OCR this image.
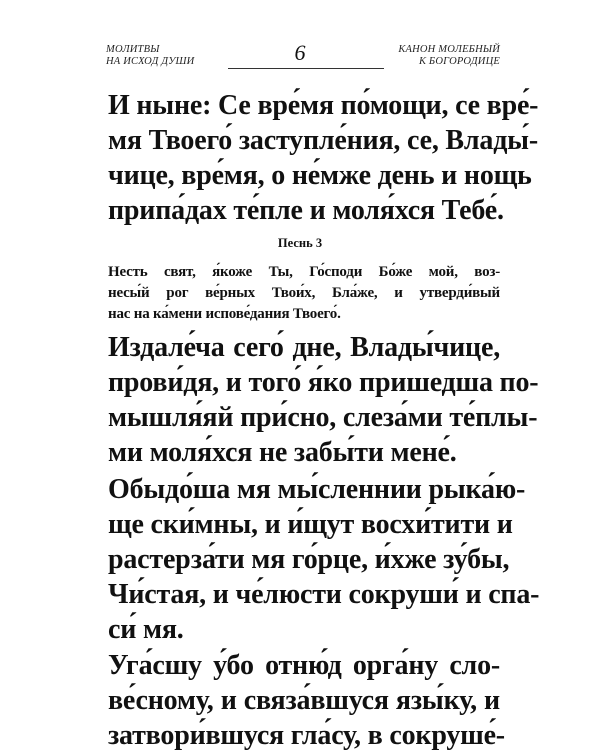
МОЛИТВЫ
НА ИСХОД ДУШИ	6	КАНОН МОЛЕБНЫЙ
К БОГОРОДИЦЕ
И ныне: Се вре́мя по́мощи, се вре́-
мя Твоего́ заступле́ния, се, Влады́-
чице, вре́мя, о не́мже день и нощь
припа́дах те́пле и моля́хся Тебе́.
Песнь 3
Несть свят, я́коже Ты, Го́споди Бо́же мой, воз-
несы́й рог ве́рных Твои́х, Бла́же, и утверди́вый
нас на ка́мени испове́дания Твоего́.
Издале́ча сего́ дне, Влады́чице,
прови́дя, и того́ я́ко пришедша по-
мышля́яй при́сно, слеза́ми те́плы-
ми моля́хся не забы́ти мене́.
Обыдо́ша мя мы́сленнии рыка́ю-
ще ски́мны, и и́щут восхи́тити и
растерза́ти мя го́рце, и́хже зу́бы,
Чи́стая, и че́люсти сокруши́ и спа-
си́ мя.
Уга́сшу у́бо отню́д орга́ну сло-
ве́сному, и связа́вшуся язы́ку, и
затвори́вшуся гла́су, в сокруше́-
